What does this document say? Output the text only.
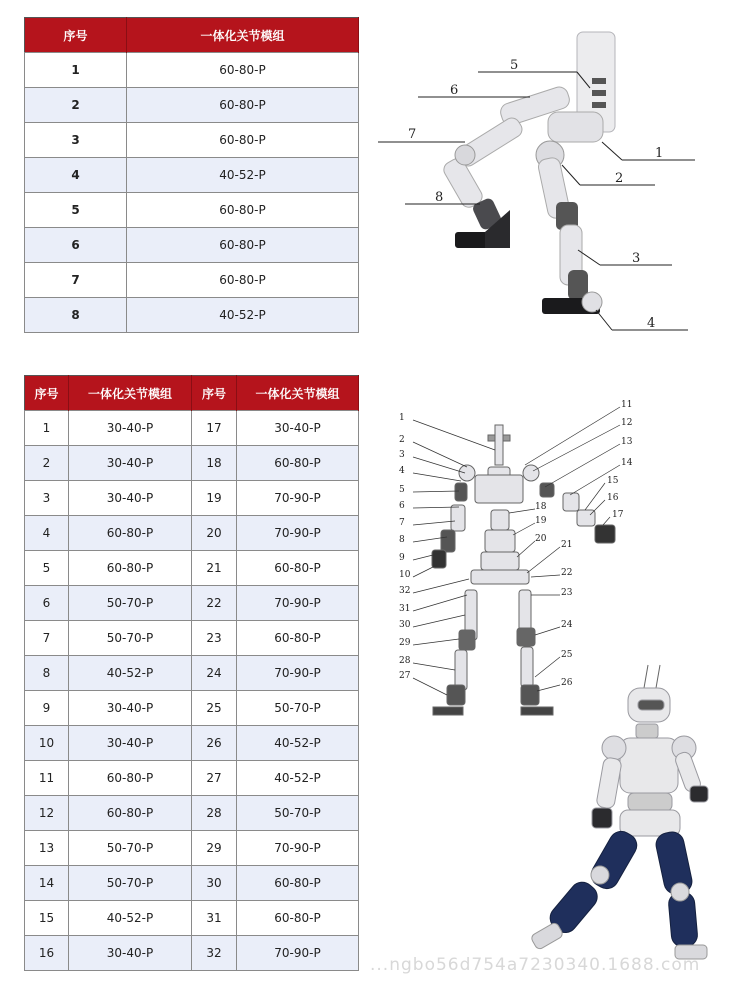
序号	一体化关节模组
1	60-80-P
2	60-80-P
3	60-80-P
4	40-52-P
5	60-80-P
6	60-80-P
7	60-80-P
8	40-52-P
序号	一体化关节模组	序号	一体化关节模组
1	30-40-P	17	30-40-P
2	30-40-P	18	60-80-P
3	30-40-P	19	70-90-P
4	60-80-P	20	70-90-P
5	60-80-P	21	60-80-P
6	50-70-P	22	70-90-P
7	50-70-P	23	60-80-P
8	40-52-P	24	70-90-P
9	30-40-P	25	50-70-P
10	30-40-P	26	40-52-P
11	60-80-P	27	40-52-P
12	60-80-P	28	50-70-P
13	50-70-P	29	70-90-P
14	50-70-P	30	60-80-P
15	40-52-P	31	60-80-P
16	30-40-P	32	70-90-P
5
6
7
8
1
2
3
4
1
2
3
4
5
6
7
8
9
10
11
12
13
14
15
16
17
18
19
20
21
22
23
24
25
26
27
28
29
30
31
32
...ngbo56d754a7230340.1688.com
